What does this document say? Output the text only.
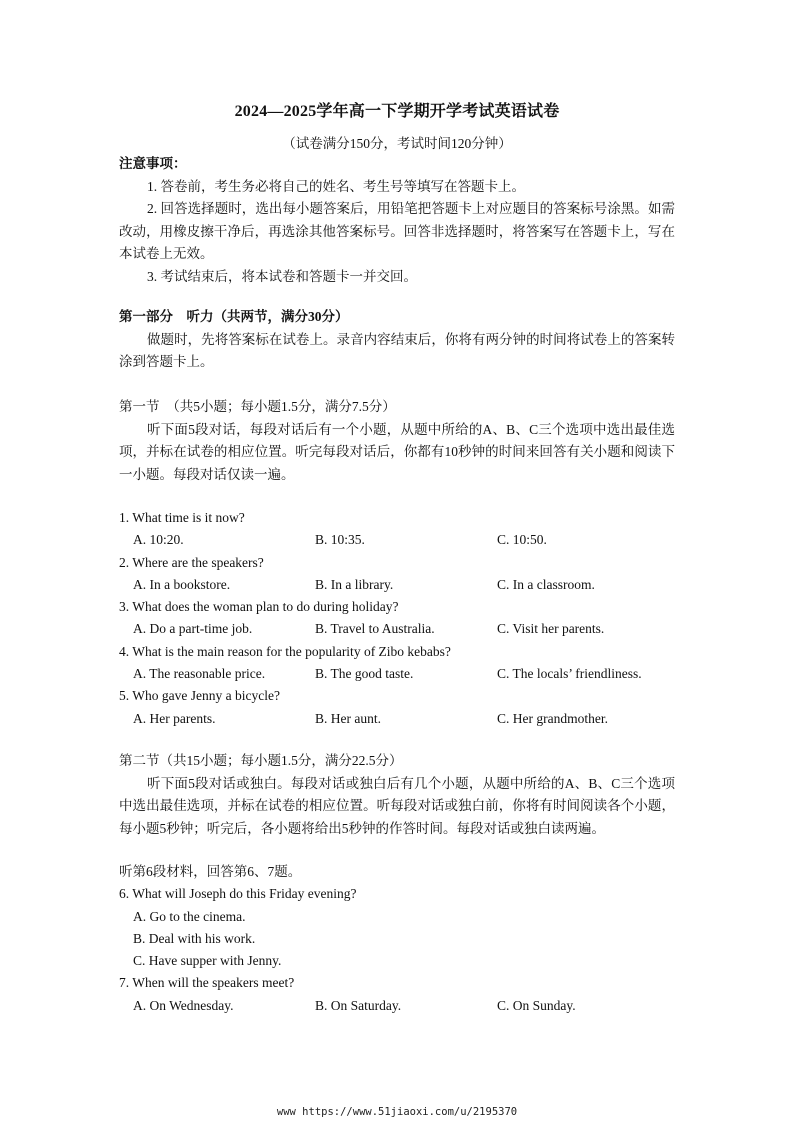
2024—2025学年高一下学期开学考试英语试卷
（试卷满分150分，考试时间120分钟）

注意事项：

1. 答卷前，考生务必将自己的姓名、考生号等填写在答题卡上。

2. 回答选择题时，选出每小题答案后，用铅笔把答题卡上对应题目的答案标号涂黑。如需改动，用橡皮擦干净后，再选涂其他答案标号。回答非选择题时，将答案写在答题卡上，写在本试卷上无效。

3. 考试结束后，将本试卷和答题卡一并交回。

第一部分　听力（共两节，满分30分）

做题时，先将答案标在试卷上。录音内容结束后，你将有两分钟的时间将试卷上的答案转涂到答题卡上。

第一节　（共5小题；每小题1.5分，满分7.5分）

听下面5段对话，每段对话后有一个小题，从题中所给的A、B、C三个选项中选出最佳选项，并标在试卷的相应位置。听完每段对话后，你都有10秒钟的时间来回答有关小题和阅读下一小题。每段对话仅读一遍。

1. What time is it now?
A. 10:20.	B. 10:35.	C. 10:50.
2. Where are the speakers?
A. In a bookstore.	B. In a library.	C. In a classroom.
3. What does the woman plan to do during holiday?
A. Do a part-time job.	B. Travel to Australia.	C. Visit her parents.
4. What is the main reason for the popularity of Zibo kebabs?
A. The reasonable price.	B. The good taste.	C. The locals’ friendliness.
5. Who gave Jenny a bicycle?
A. Her parents.	B. Her aunt.	C. Her grandmother.

第二节（共15小题；每小题1.5分，满分22.5分）

听下面5段对话或独白。每段对话或独白后有几个小题，从题中所给的A、B、C三个选项中选出最佳选项，并标在试卷的相应位置。听每段对话或独白前，你将有时间阅读各个小题，每小题5秒钟；听完后，各小题将给出5秒钟的作答时间。每段对话或独白读两遍。

听第6段材料，回答第6、7题。
6. What will Joseph do this Friday evening?
A. Go to the cinema.
B. Deal with his work.
C. Have supper with Jenny.
7. When will the speakers meet?
A. On Wednesday.	B. On Saturday.	C. On Sunday.
www https://www.51jiaoxi.com/u/2195370
